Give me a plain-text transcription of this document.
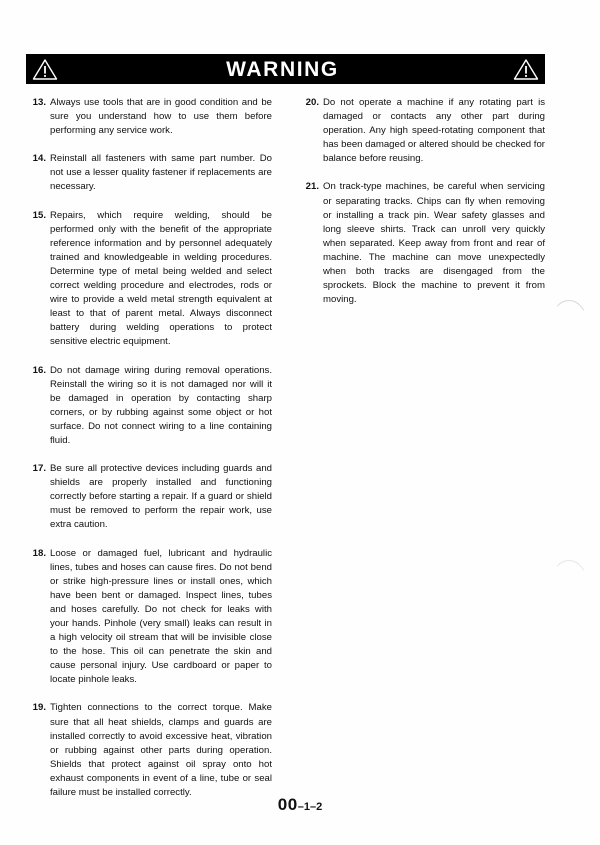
WARNING
13. Always use tools that are in good condition and be sure you understand how to use them before performing any service work.
14. Reinstall all fasteners with same part number. Do not use a lesser quality fastener if replacements are necessary.
15. Repairs, which require welding, should be performed only with the benefit of the appropriate reference information and by personnel adequately trained and knowledgeable in welding procedures. Determine type of metal being welded and select correct welding procedure and electrodes, rods or wire to provide a weld metal strength equivalent at least to that of parent metal. Always disconnect battery during welding operations to protect sensitive electric equipment.
16. Do not damage wiring during removal operations. Reinstall the wiring so it is not damaged nor will it be damaged in operation by contacting sharp corners, or by rubbing against some object or hot surface. Do not connect wiring to a line containing fluid.
17. Be sure all protective devices including guards and shields are properly installed and functioning correctly before starting a repair. If a guard or shield must be removed to perform the repair work, use extra caution.
18. Loose or damaged fuel, lubricant and hydraulic lines, tubes and hoses can cause fires. Do not bend or strike high-pressure lines or install ones, which have been bent or damaged. Inspect lines, tubes and hoses carefully. Do not check for leaks with your hands. Pinhole (very small) leaks can result in a high velocity oil stream that will be invisible close to the hose. This oil can penetrate the skin and cause personal injury. Use cardboard or paper to locate pinhole leaks.
19. Tighten connections to the correct torque. Make sure that all heat shields, clamps and guards are installed correctly to avoid excessive heat, vibration or rubbing against other parts during operation. Shields that protect against oil spray onto hot exhaust components in event of a line, tube or seal failure must be installed correctly.
20. Do not operate a machine if any rotating part is damaged or contacts any other part during operation. Any high speed-rotating component that has been damaged or altered should be checked for balance before reusing.
21. On track-type machines, be careful when servicing or separating tracks. Chips can fly when removing or installing a track pin. Wear safety glasses and long sleeve shirts. Track can unroll very quickly when separated. Keep away from front and rear of machine. The machine can move unexpectedly when both tracks are disengaged from the sprockets. Block the machine to prevent it from moving.
00–1–2
